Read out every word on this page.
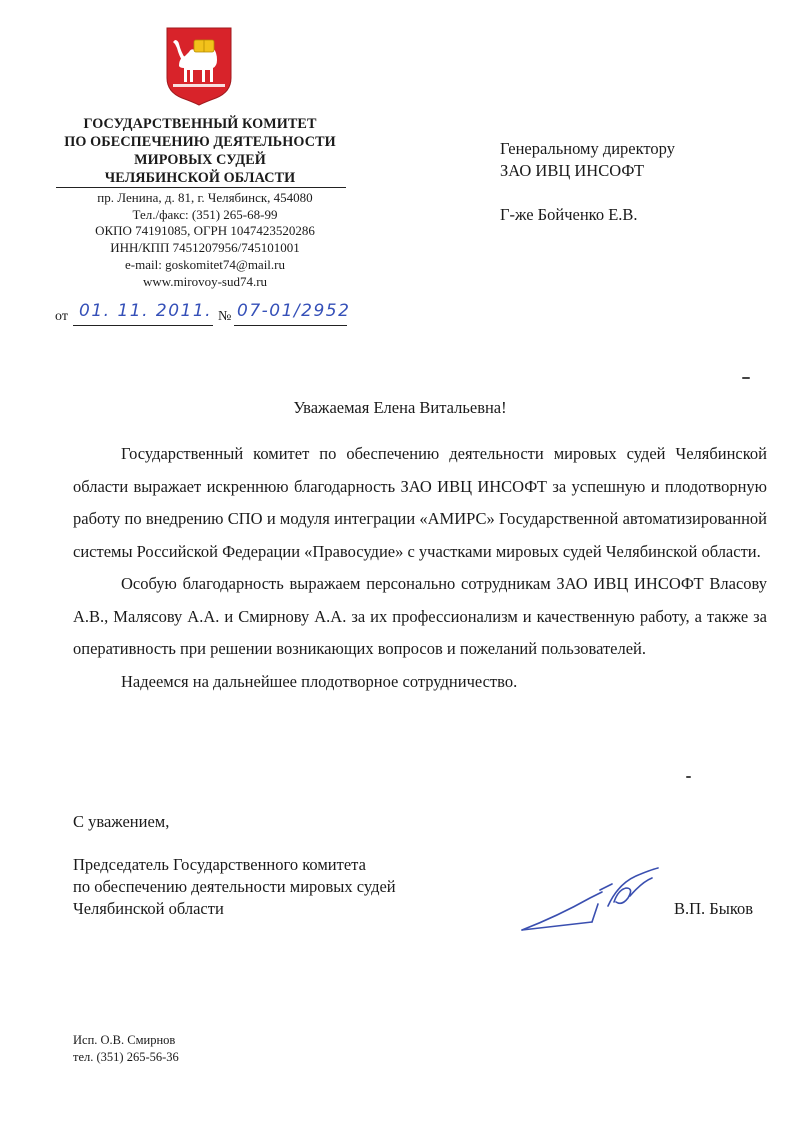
ГОСУДАРСТВЕННЫЙ КОМИТЕТ
ПО ОБЕСПЕЧЕНИЮ ДЕЯТЕЛЬНОСТИ
МИРОВЫХ СУДЕЙ
ЧЕЛЯБИНСКОЙ ОБЛАСТИ
пр. Ленина, д. 81, г. Челябинск, 454080
Тел./факс: (351) 265-68-99
ОКПО 74191085, ОГРН 1047423520286
ИНН/КПП 7451207956/745101001
e-mail: goskomitet74@mail.ru
www.mirovoy-sud74.ru
от 01. 11. 2011. № 07-01/2952
Генеральному директору
ЗАО ИВЦ ИНСОФТ
Г-же Бойченко Е.В.
Уважаемая Елена Витальевна!

Государственный комитет по обеспечению деятельности мировых судей Челябинской области выражает искреннюю благодарность ЗАО ИВЦ ИНСОФТ за успешную и плодотворную работу по внедрению СПО и модуля интеграции «АМИРС» Государственной автоматизированной системы Российской Федерации «Правосудие» с участками мировых судей Челябинской области.

Особую благодарность выражаем персонально сотрудникам ЗАО ИВЦ ИНСОФТ Власову А.В., Малясову А.А. и Смирнову А.А. за их профессионализм и качественную работу, а также за оперативность при решении возникающих вопросов и пожеланий пользователей.

Надеемся на дальнейшее плодотворное сотрудничество.

С уважением,
Председатель Государственного комитета
по обеспечению деятельности мировых судей
Челябинской области	В.П. Быков
Исп. О.В. Смирнов
тел. (351) 265-56-36
